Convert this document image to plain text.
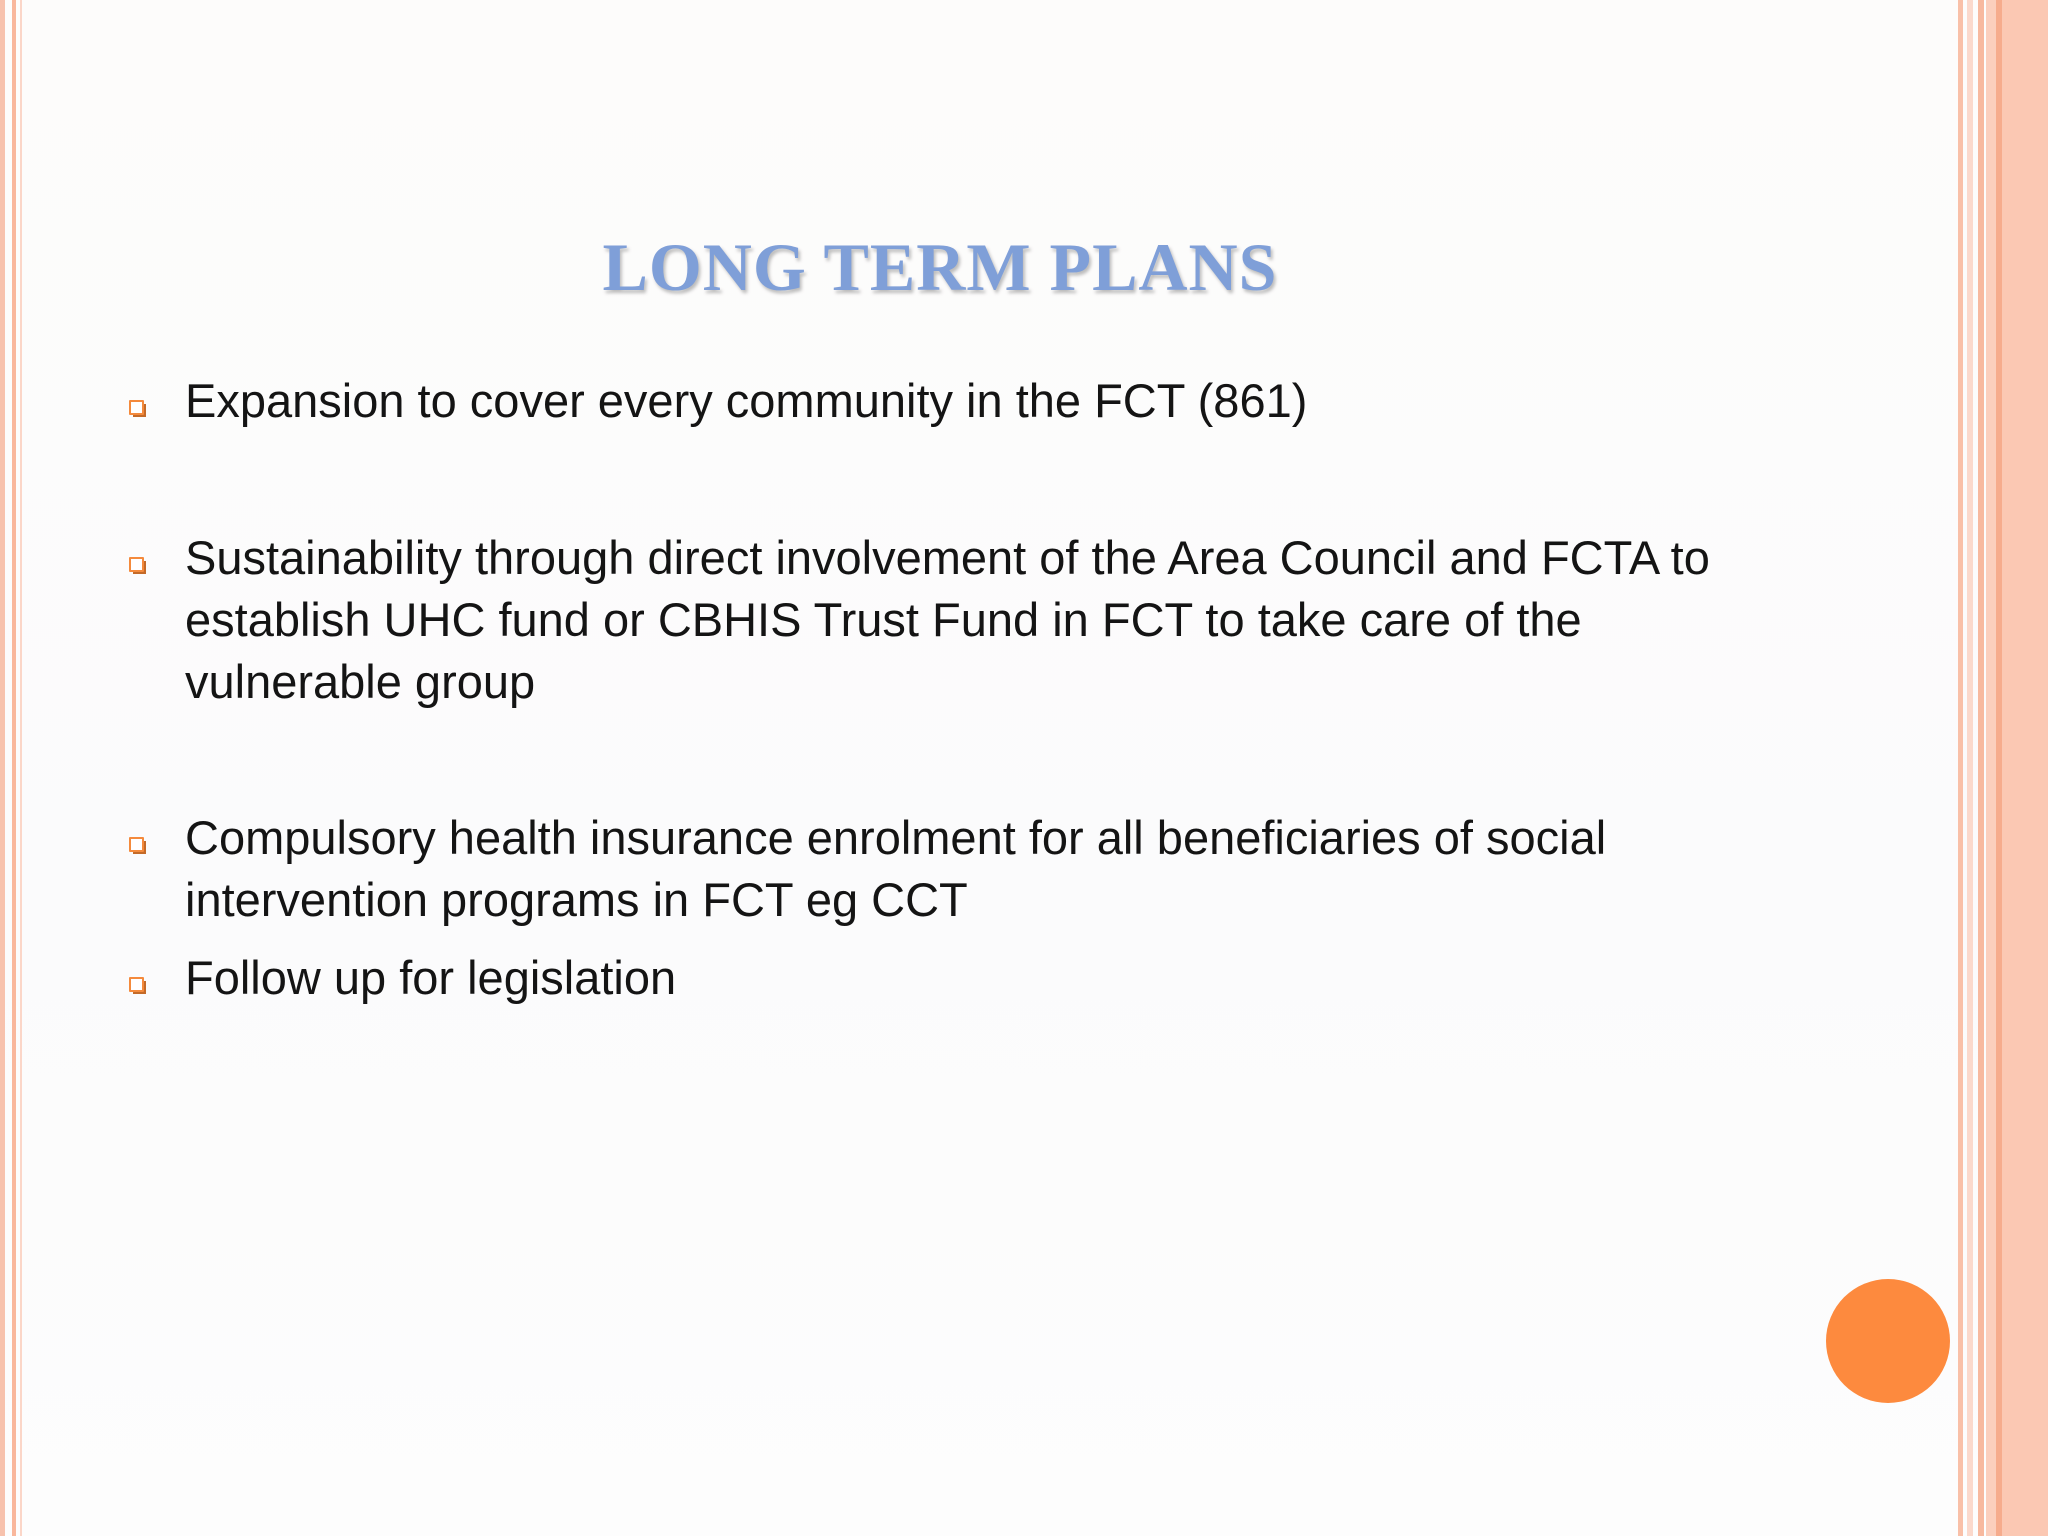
LONG TERM PLANS
Expansion to cover every community in the FCT (861)
Sustainability through direct involvement of the Area Council and FCTA to establish UHC fund or CBHIS Trust Fund in FCT to take care of the vulnerable group
Compulsory health insurance enrolment for all beneficiaries of social intervention programs in FCT eg CCT
Follow up for legislation
